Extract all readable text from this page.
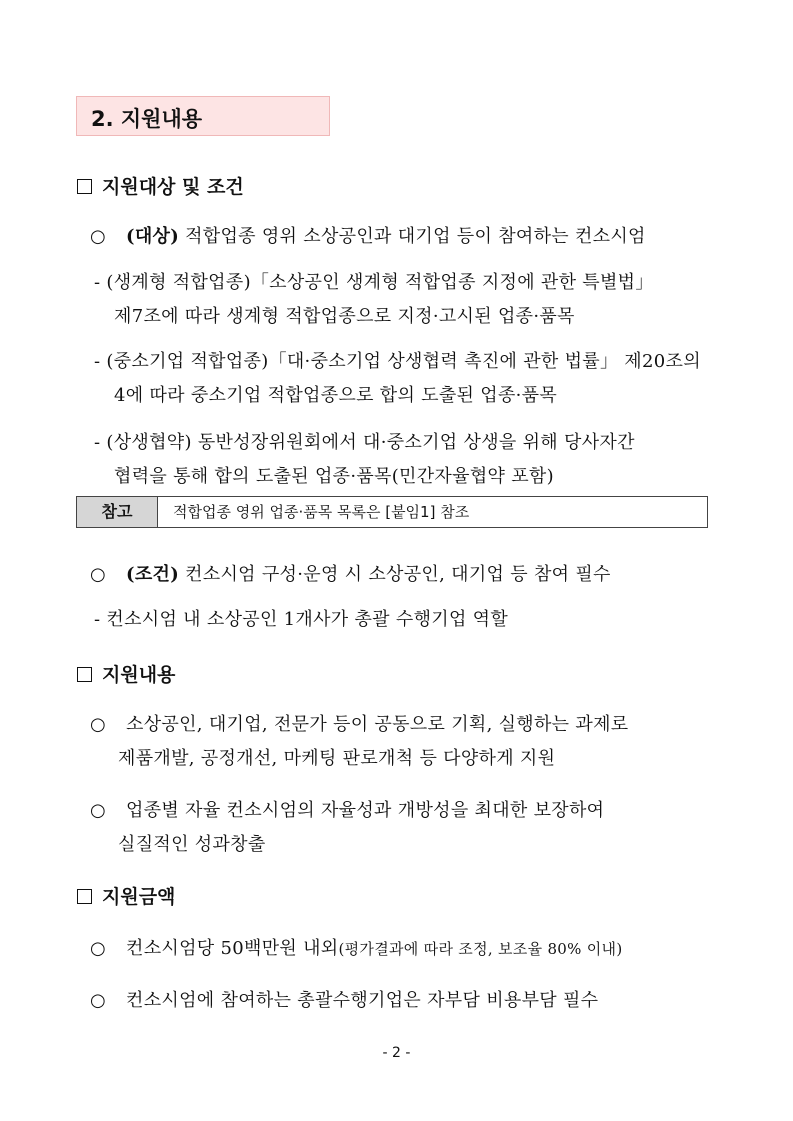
2. 지원내용
지원대상 및 조건
○ (대상) 적합업종 영위 소상공인과 대기업 등이 참여하는 컨소시엄
- (생계형 적합업종)「소상공인 생계형 적합업종 지정에 관한 특별법」
제7조에 따라 생계형 적합업종으로 지정·고시된 업종·품목
- (중소기업 적합업종)「대·중소기업 상생협력 촉진에 관한 법률」 제20조의
4에 따라 중소기업 적합업종으로 합의 도출된 업종·품목
- (상생협약) 동반성장위원회에서 대·중소기업 상생을 위해 당사자간
협력을 통해 합의 도출된 업종·품목(민간자율협약 포함)
참고	적합업종 영위 업종·품목 목록은 [붙임1] 참조
○ (조건) 컨소시엄 구성·운영 시 소상공인, 대기업 등 참여 필수
- 컨소시엄 내 소상공인 1개사가 총괄 수행기업 역할
지원내용
○ 소상공인, 대기업, 전문가 등이 공동으로 기획, 실행하는 과제로
제품개발, 공정개선, 마케팅 판로개척 등 다양하게 지원
○ 업종별 자율 컨소시엄의 자율성과 개방성을 최대한 보장하여
실질적인 성과창출
지원금액
○ 컨소시엄당 50백만원 내외(평가결과에 따라 조정, 보조율 80% 이내)
○ 컨소시엄에 참여하는 총괄수행기업은 자부담 비용부담 필수
- 2 -
